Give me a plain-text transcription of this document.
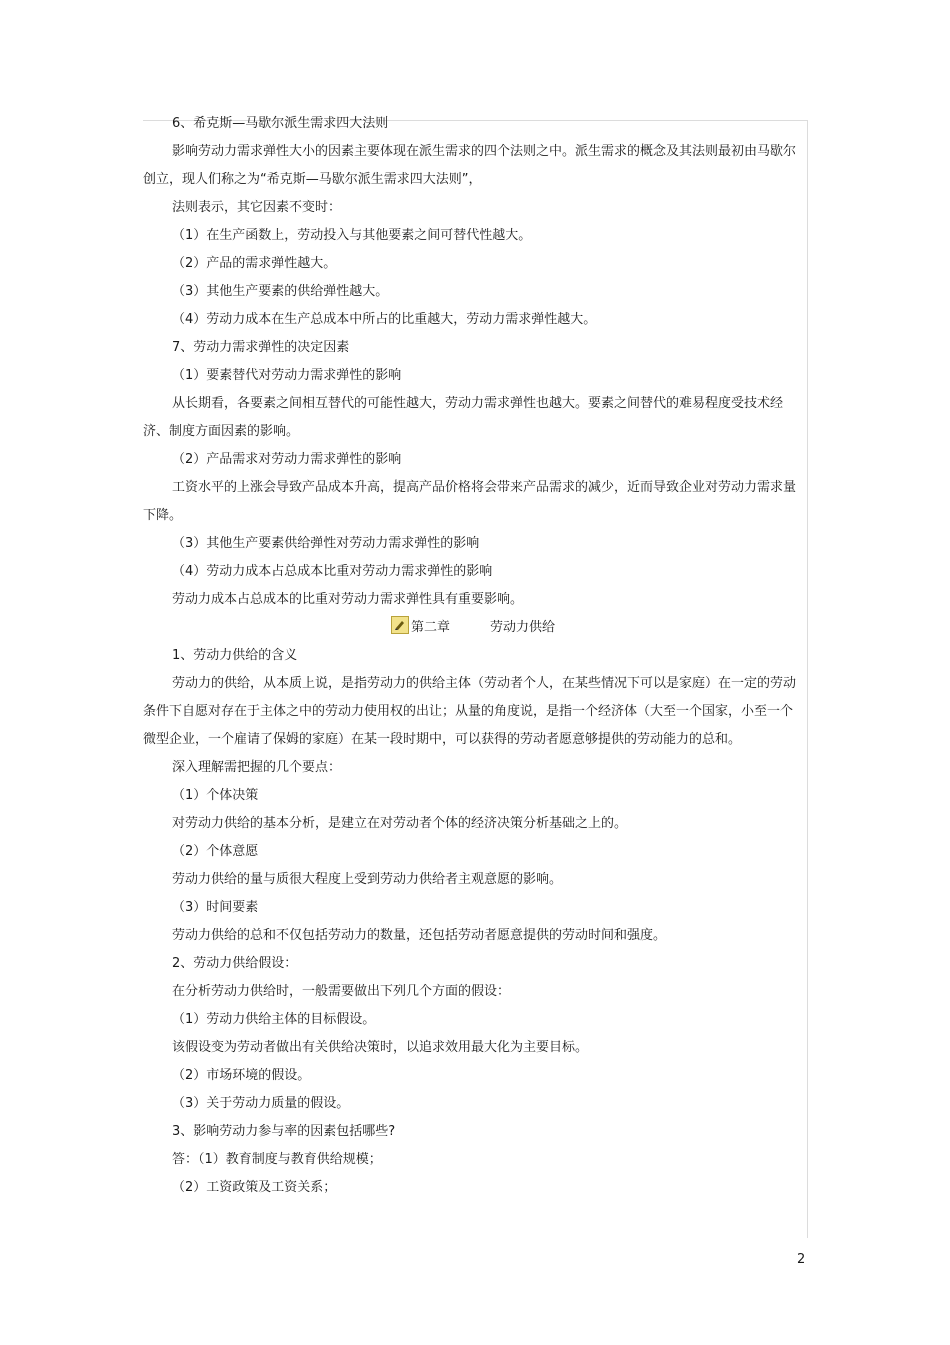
6、希克斯—马歇尔派生需求四大法则

影响劳动力需求弹性大小的因素主要体现在派生需求的四个法则之中。派生需求的概念及其法则最初由马歇尔创立，现人们称之为“希克斯—马歇尔派生需求四大法则”，

法则表示，其它因素不变时：

（1）在生产函数上，劳动投入与其他要素之间可替代性越大。

（2）产品的需求弹性越大。

（3）其他生产要素的供给弹性越大。

（4）劳动力成本在生产总成本中所占的比重越大，劳动力需求弹性越大。

7、劳动力需求弹性的决定因素

（1）要素替代对劳动力需求弹性的影响

从长期看，各要素之间相互替代的可能性越大，劳动力需求弹性也越大。要素之间替代的难易程度受技术经济、制度方面因素的影响。

（2）产品需求对劳动力需求弹性的影响

工资水平的上涨会导致产品成本升高，提高产品价格将会带来产品需求的减少，近而导致企业对劳动力需求量下降。

（3）其他生产要素供给弹性对劳动力需求弹性的影响

（4）劳动力成本占总成本比重对劳动力需求弹性的影响

劳动力成本占总成本的比重对劳动力需求弹性具有重要影响。

第二章	劳动力供给

1、劳动力供给的含义

劳动力的供给，从本质上说，是指劳动力的供给主体（劳动者个人，在某些情况下可以是家庭）在一定的劳动条件下自愿对存在于主体之中的劳动力使用权的出让；从量的角度说，是指一个经济体（大至一个国家，小至一个微型企业，一个雇请了保姆的家庭）在某一段时期中，可以获得的劳动者愿意够提供的劳动能力的总和。

深入理解需把握的几个要点：

（1）个体决策

对劳动力供给的基本分析，是建立在对劳动者个体的经济决策分析基础之上的。

（2）个体意愿

劳动力供给的量与质很大程度上受到劳动力供给者主观意愿的影响。

（3）时间要素

劳动力供给的总和不仅包括劳动力的数量，还包括劳动者愿意提供的劳动时间和强度。

2、劳动力供给假设：

在分析劳动力供给时，一般需要做出下列几个方面的假设：

（1）劳动力供给主体的目标假设。

该假设变为劳动者做出有关供给决策时，以追求效用最大化为主要目标。

（2）市场环境的假设。

（3）关于劳动力质量的假设。

3、影响劳动力参与率的因素包括哪些?

答：（1）教育制度与教育供给规模；

（2）工资政策及工资关系；

2
